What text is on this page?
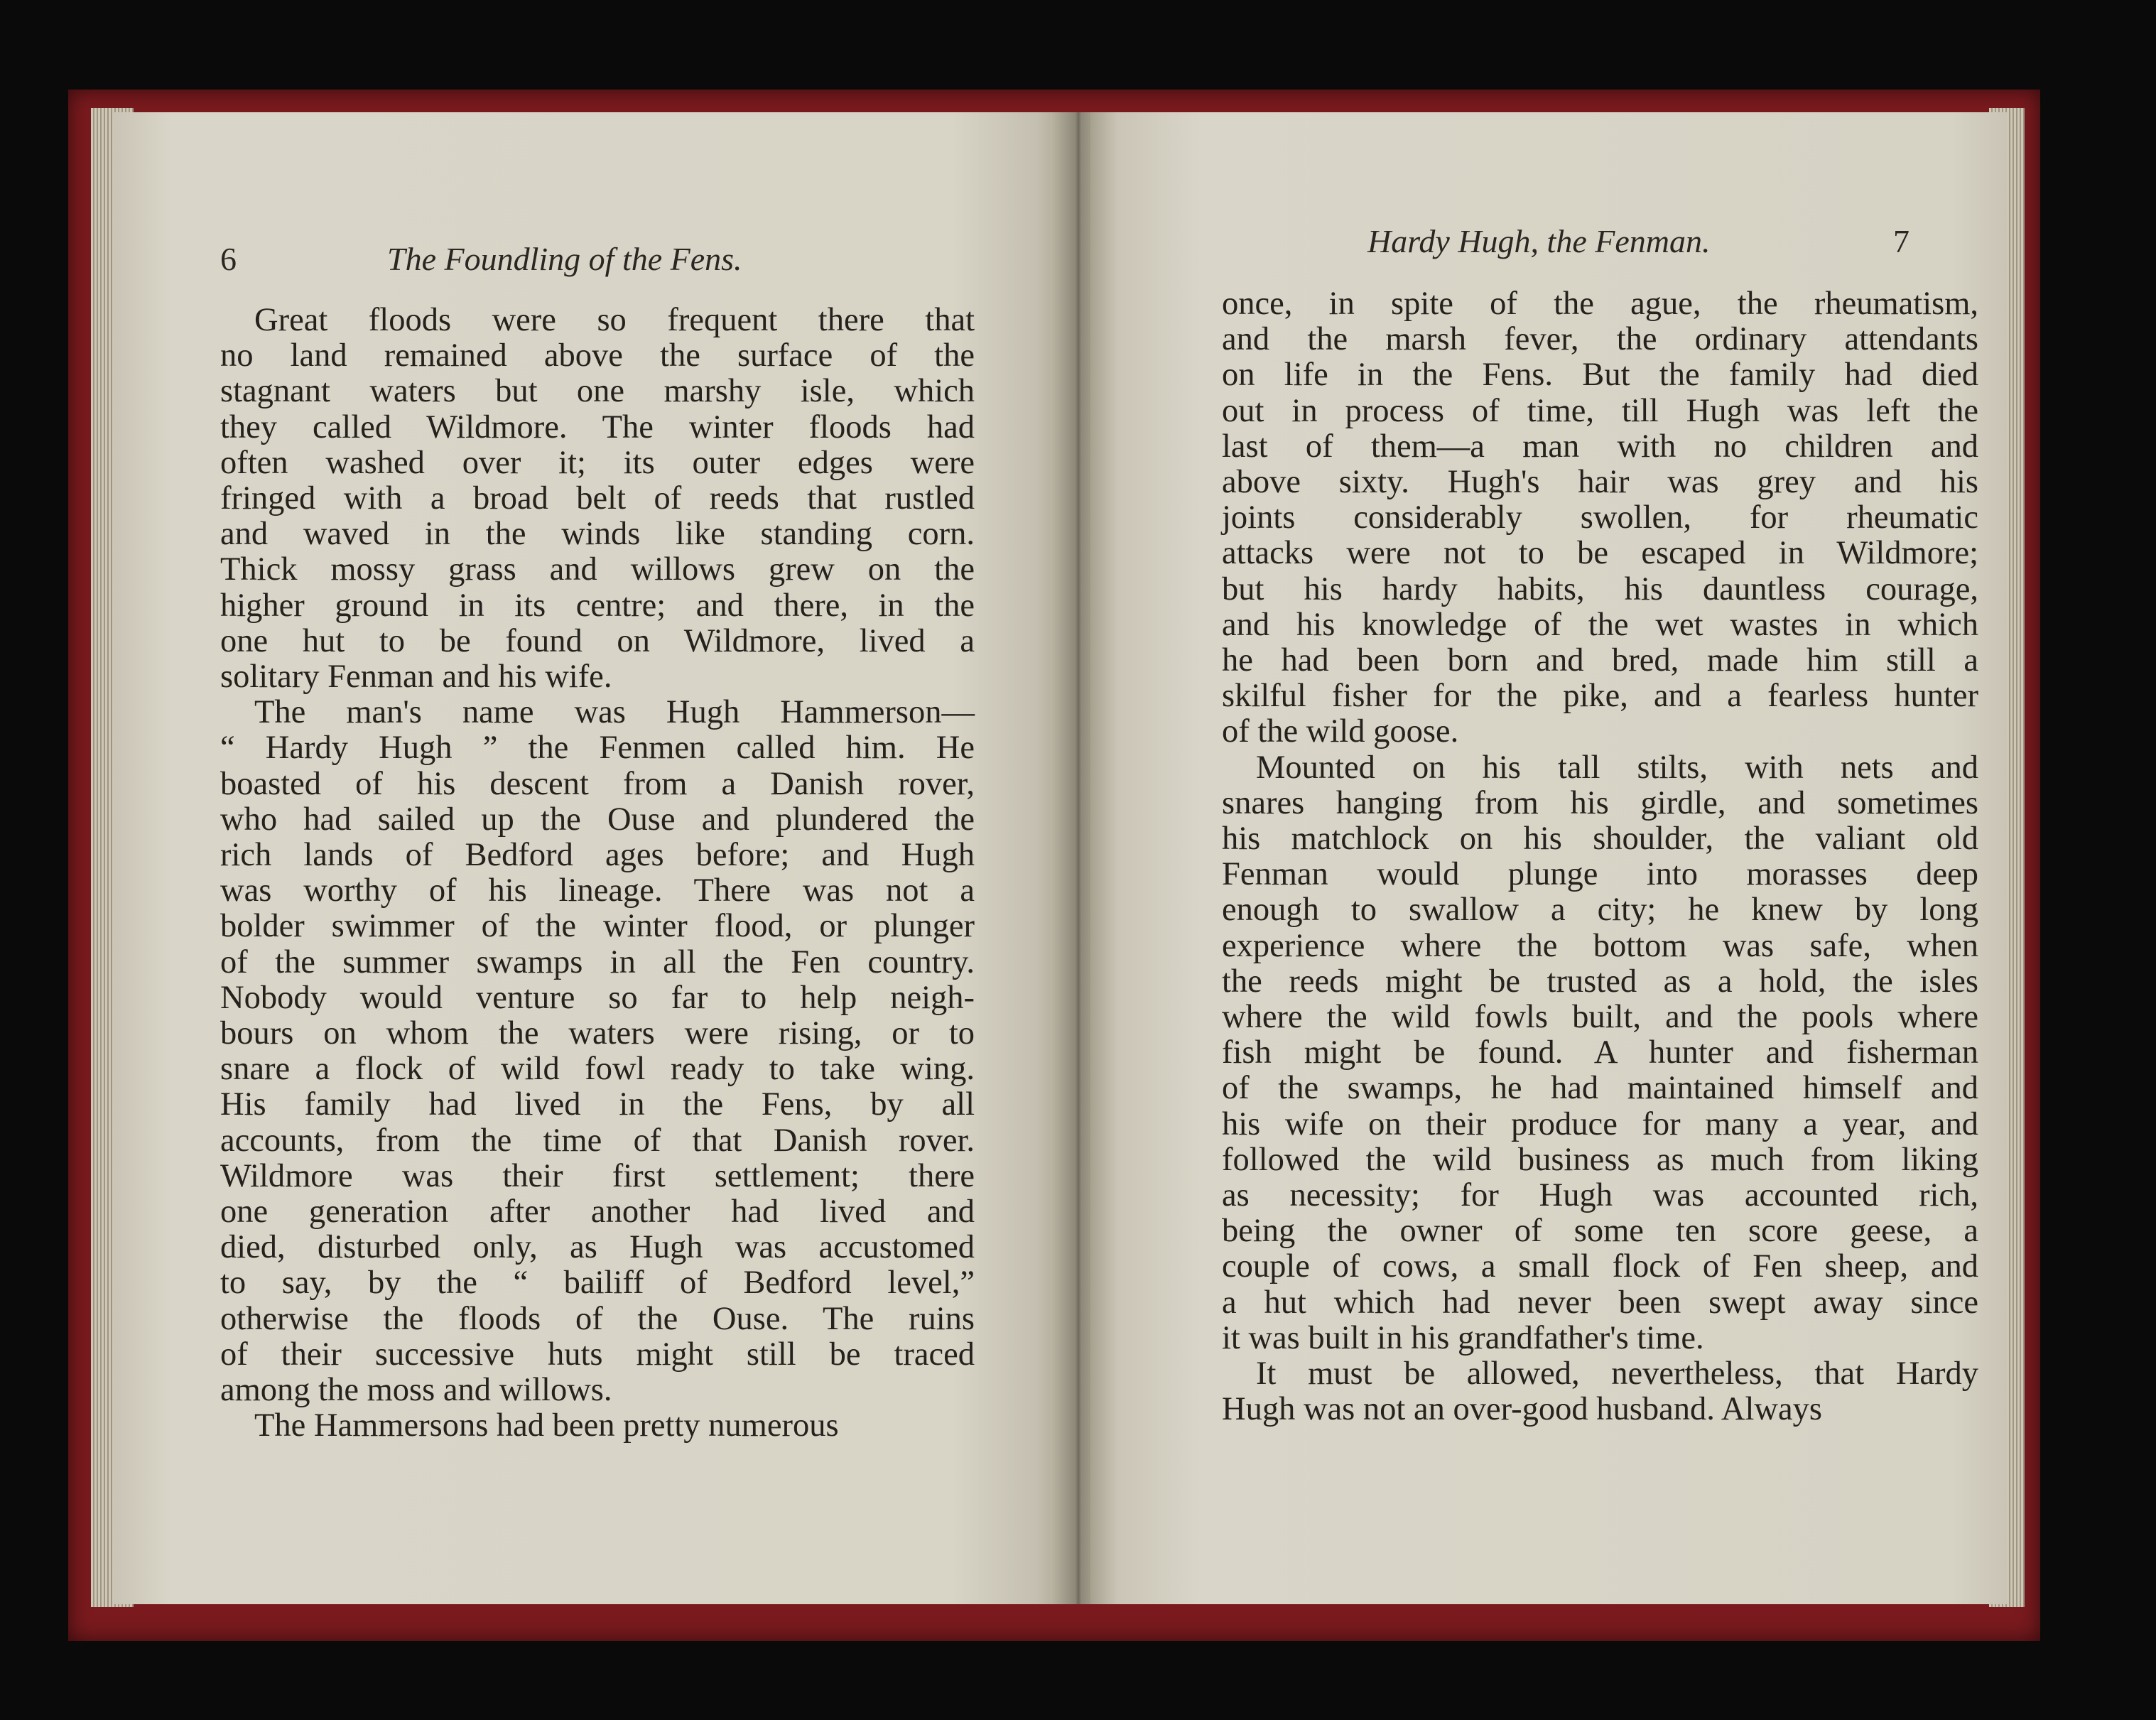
6	The Foundling of the Fens.
Great floods were so frequent there that
no land remained above the surface of the
stagnant waters but one marshy isle, which
they called Wildmore. The winter floods had
often washed over it; its outer edges were
fringed with a broad belt of reeds that rustled
and waved in the winds like standing corn.
Thick mossy grass and willows grew on the
higher ground in its centre; and there, in the
one hut to be found on Wildmore, lived a
solitary Fenman and his wife.
The man's name was Hugh Hammerson—
“ Hardy Hugh ” the Fenmen called him. He
boasted of his descent from a Danish rover,
who had sailed up the Ouse and plundered the
rich lands of Bedford ages before; and Hugh
was worthy of his lineage. There was not a
bolder swimmer of the winter flood, or plunger
of the summer swamps in all the Fen country.
Nobody would venture so far to help neigh-
bours on whom the waters were rising, or to
snare a flock of wild fowl ready to take wing.
His family had lived in the Fens, by all
accounts, from the time of that Danish rover.
Wildmore was their first settlement; there
one generation after another had lived and
died, disturbed only, as Hugh was accustomed
to say, by the “ bailiff of Bedford level,”
otherwise the floods of the Ouse. The ruins
of their successive huts might still be traced
among the moss and willows.
The Hammersons had been pretty numerous
Hardy Hugh, the Fenman.	7
once, in spite of the ague, the rheumatism,
and the marsh fever, the ordinary attendants
on life in the Fens. But the family had died
out in process of time, till Hugh was left the
last of them—a man with no children and
above sixty. Hugh's hair was grey and his
joints considerably swollen, for rheumatic
attacks were not to be escaped in Wildmore;
but his hardy habits, his dauntless courage,
and his knowledge of the wet wastes in which
he had been born and bred, made him still a
skilful fisher for the pike, and a fearless hunter
of the wild goose.
Mounted on his tall stilts, with nets and
snares hanging from his girdle, and sometimes
his matchlock on his shoulder, the valiant old
Fenman would plunge into morasses deep
enough to swallow a city; he knew by long
experience where the bottom was safe, when
the reeds might be trusted as a hold, the isles
where the wild fowls built, and the pools where
fish might be found. A hunter and fisherman
of the swamps, he had maintained himself and
his wife on their produce for many a year, and
followed the wild business as much from liking
as necessity; for Hugh was accounted rich,
being the owner of some ten score geese, a
couple of cows, a small flock of Fen sheep, and
a hut which had never been swept away since
it was built in his grandfather's time.
It must be allowed, nevertheless, that Hardy
Hugh was not an over-good husband. Always
